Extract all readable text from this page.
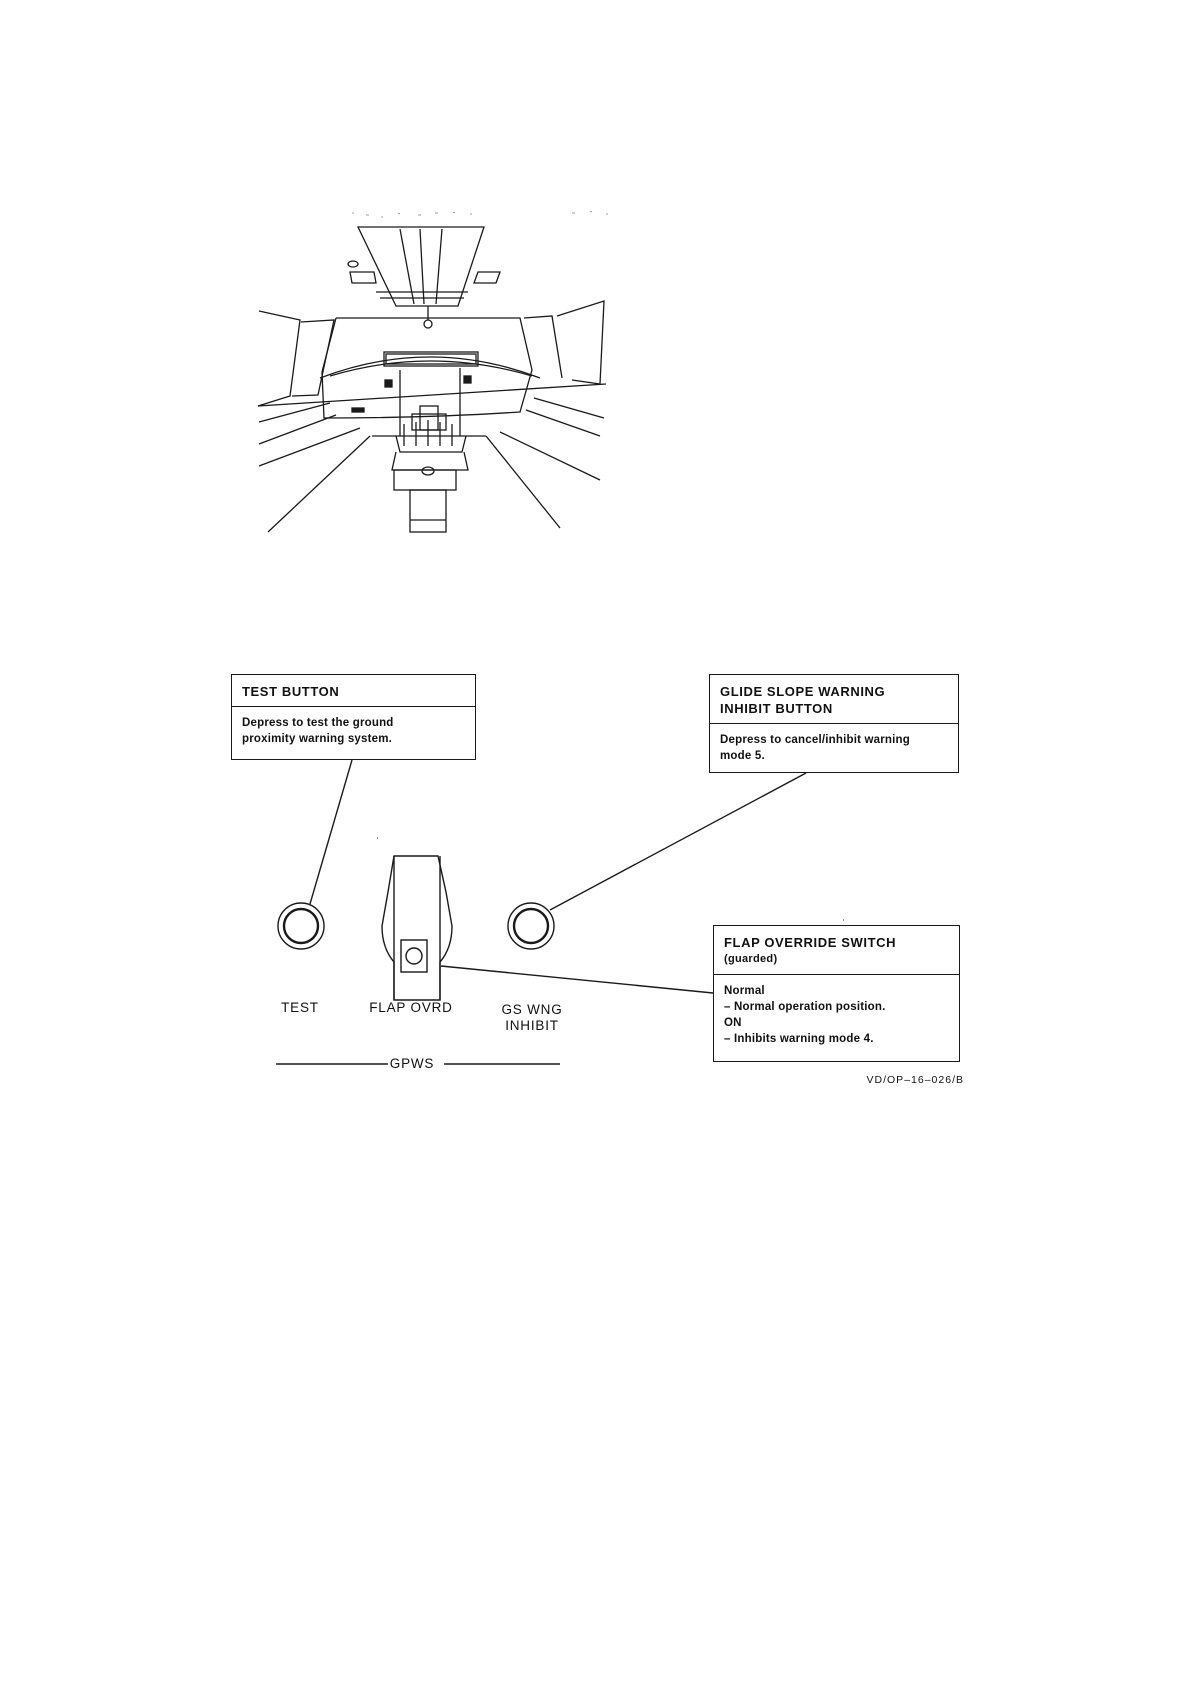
TEST BUTTON
Depress to test the ground
proximity warning system.
GLIDE SLOPE WARNING
INHIBIT BUTTON
Depress to cancel/inhibit warning
mode 5.
FLAP OVERRIDE SWITCH
(guarded)
Normal
– Normal operation position.
ON
– Inhibits warning mode 4.
TEST	FLAP OVRD	GS WNG
INHIBIT
GPWS
VD/OP–16–026/B
